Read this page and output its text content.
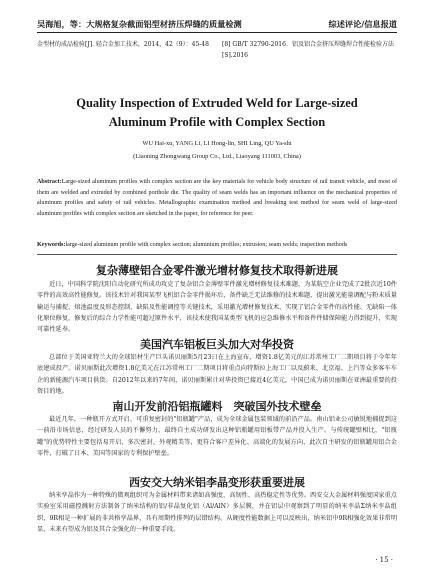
吴海旭，等：大规格复杂截面铝型材挤压焊缝的质量检测	综述评论/信息报道
金型材的成品检验[J]. 轻合金加工技术，2014，42（9）：45-48	[8] GB/T 32790-2016．铝及铝合金挤压焊缝焊合性能检验方法[S].2016
Quality Inspection of Extruded Weld for Large-sized
Aluminum Profile with Complex Section
WU Hai-xu, YANG Li, LI Hong-lin, SHI Ling, QU Ya-shi
(Liaoning Zhongwang Group Co., Ltd., Liaoyang 111003, China)
Abstract:Large-sized aluminum profiles with complex section are the key materials for vehicle body structure of rail transit vehicle, and most of them are welded and extruded by combined porthole die. The quality of seam welds has an important influence on the mechanical properties of aluminum profiles and safety of rail vehicles. Metallographic examination method and breaking test method for seam weld of large-sized aluminum profiles with complex section are sketched in the paper, for reference for peer.
Keywords:large-sized aluminum profile with complex section; aluminium profiles; extrusion; seam welds; inspection methods
复杂薄壁铝合金零件激光增材修复技术取得新进展
近日，中国科学院沈阳自动化研究所成功攻克了复杂铝合金薄壁零件激光增材修复技术难题，为某航空企业完成了2批次近10件零件的高效高性能修复。该技术针对我国某型飞机铝合金零件损坏后，备件缺乏无法维修的技术难题，提出激光能量调配与粉末质量输运与捕捉、熔池温度及形态控制、缺陷及性能调控等关键技术，采用激光增材修复技术，实现了铝合金零件的高性能、无缺陷一体化原位修复，修复后的综合力学性能可超过原件水平，该技术使我国某类型飞机的应急维修水平和备件件储保障能力得到提升，实现可靠性延寿。
美国汽车铝板巨头加大对华投资
总部位于美国亚特兰大的全球铝材生产巨头诺贝丽斯5月23日在上海宣布，增资1.8亿美元的江苏常州工厂二期项目将于今年年底建成投产。诺贝丽斯此次增资1.8亿美元在江苏常州工厂二期项目将重点向特斯拉上海工厂以及蔚来、北京福、上汽等众多客车车企的新能源汽车项目供货。自2012年以来的7年间，诺贝丽斯累计对华投资已接近4亿美元，中国已成为诺贝丽斯在亚洲最重要的投资目的地。
南山开发前沿铝瓶罐料　突破国外技术壁垒
最近几年，一种瓶开方式开启、可重复密封的"铝瓶罐"产品，成为全球金属包装领域的前沿产品。南山铝业公司敏锐地捕捉到这一前沿市场信息，经过研发人员的不懈努力，最终自主成功研发出这种铝瓶罐用铝板带产品并投入生产。与传统罐壁相比，"铝瓶罐"的优势特性主要包括易开启、多次密封、外观精美等，更符合客户差异化、高端化的发展方向，此次自主研发的铝瓶罐用铝合金零件，打破了日本、美国等国家的专利保护壁垒。
西安交大纳米铝李晶变形获重要进展
纳米孪晶作为一种特殊的微观组织可为金属材料带来诸如高强度、高韧性、高热稳定性等优势。西安交大金属材料强度国家重点实验室采用磁控溅射方法制备了纳米结构的铝/非晶复化铝（Al/AlN）多层膜，并在铝层中观察到了明显的纳米孪晶Σ纳米孪晶组织，9R相是一种扩展的非共格孪晶界，具有周期性排列的层错结构。从硬度性能数据上可以反映出，纳米铝中9R相强化效果非常明显，未来有望成为铝及其合金强化的一种重要手段。
· 15 ·
